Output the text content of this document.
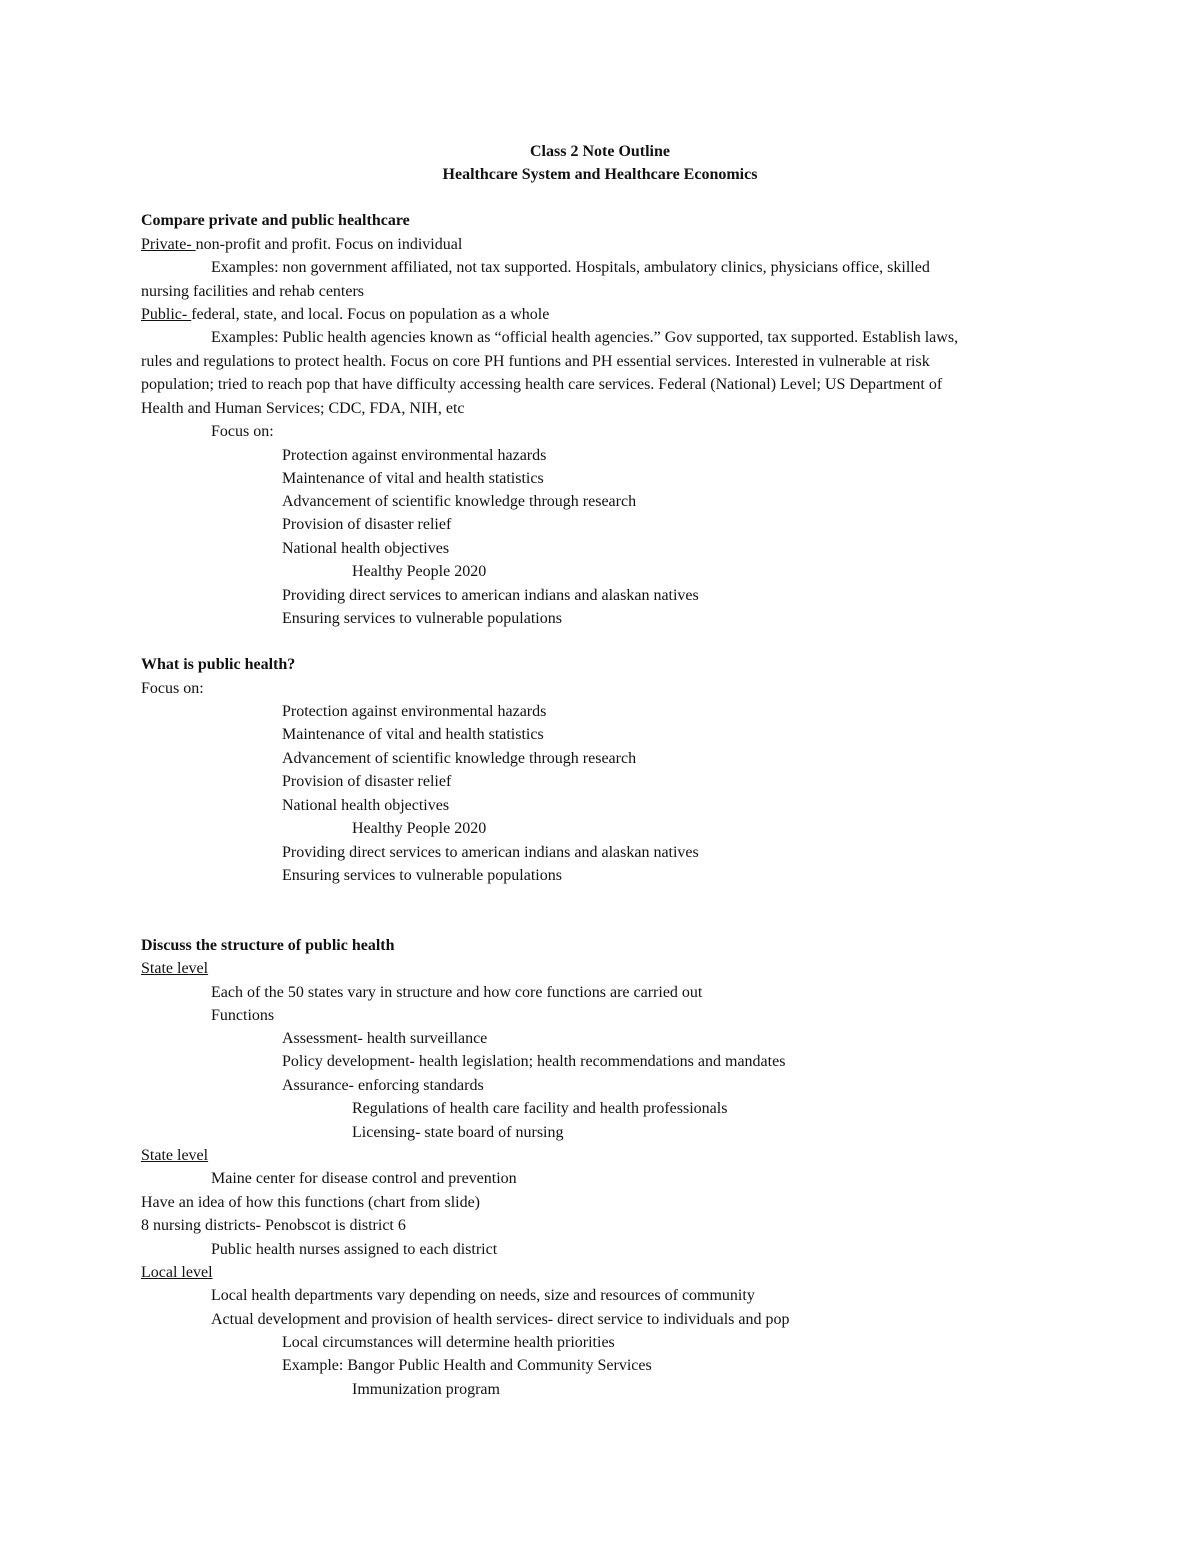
Class 2 Note Outline
Healthcare System and Healthcare Economics
Compare private and public healthcare
Private- non-profit and profit. Focus on individual
Examples: non government affiliated, not tax supported. Hospitals, ambulatory clinics, physicians office, skilled
nursing facilities and rehab centers
Public- federal, state, and local. Focus on population as a whole
Examples: Public health agencies known as “official health agencies.” Gov supported, tax supported. Establish laws,
rules and regulations to protect health. Focus on core PH funtions and PH essential services. Interested in vulnerable at risk
population; tried to reach pop that have difficulty accessing health care services. Federal (National) Level; US Department of
Health and Human Services; CDC, FDA, NIH, etc
Focus on:
Protection against environmental hazards
Maintenance of vital and health statistics
Advancement of scientific knowledge through research
Provision of disaster relief
National health objectives
Healthy People 2020
Providing direct services to american indians and alaskan natives
Ensuring services to vulnerable populations
What is public health?
Focus on:
Protection against environmental hazards
Maintenance of vital and health statistics
Advancement of scientific knowledge through research
Provision of disaster relief
National health objectives
Healthy People 2020
Providing direct services to american indians and alaskan natives
Ensuring services to vulnerable populations
Discuss the structure of public health
State level
Each of the 50 states vary in structure and how core functions are carried out
Functions
Assessment- health surveillance
Policy development- health legislation; health recommendations and mandates
Assurance- enforcing standards
Regulations of health care facility and health professionals
Licensing- state board of nursing
State level
Maine center for disease control and prevention
Have an idea of how this functions (chart from slide)
8 nursing districts- Penobscot is district 6
Public health nurses assigned to each district
Local level
Local health departments vary depending on needs, size and resources of community
Actual development and provision of health services- direct service to individuals and pop
Local circumstances will determine health priorities
Example: Bangor Public Health and Community Services
Immunization program
